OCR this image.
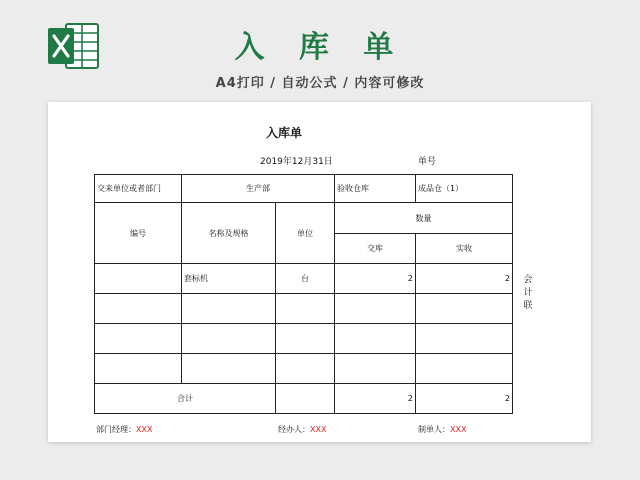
入 库 单
A4打印 / 自动公式 / 内容可修改
入库单
2019年12月31日	单号
交来单位或者部门	生产部		验收仓库	成品仓（1）
编号	名称及规格	单位	数量	
			交库	实收
	套标机	台	2	2

合计			2	2
会
计
联
部门经理：XXX	经办人：XXX	制单人：XXX
